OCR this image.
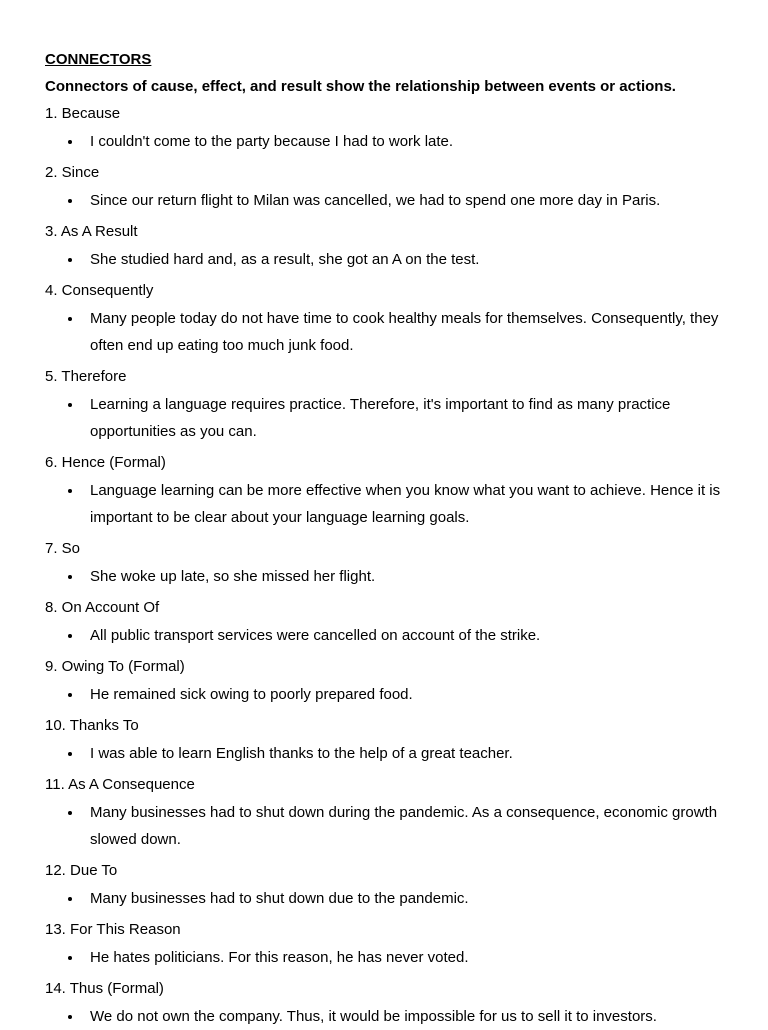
CONNECTORS
Connectors of cause, effect, and result show the relationship between events or actions.
1. Because
I couldn't come to the party because I had to work late.
2. Since
Since our return flight to Milan was cancelled, we had to spend one more day in Paris.
3. As A Result
She studied hard and, as a result, she got an A on the test.
4. Consequently
Many people today do not have time to cook healthy meals for themselves. Consequently, they often end up eating too much junk food.
5. Therefore
Learning a language requires practice. Therefore, it's important to find as many practice opportunities as you can.
6. Hence (Formal)
Language learning can be more effective when you know what you want to achieve. Hence it is important to be clear about your language learning goals.
7. So
She woke up late, so she missed her flight.
8. On Account Of
All public transport services were cancelled on account of the strike.
9. Owing To (Formal)
He remained sick owing to poorly prepared food.
10. Thanks To
I was able to learn English thanks to the help of a great teacher.
11. As A Consequence
Many businesses had to shut down during the pandemic. As a consequence, economic growth slowed down.
12. Due To
Many businesses had to shut down due to the pandemic.
13. For This Reason
He hates politicians. For this reason, he has never voted.
14. Thus (Formal)
We do not own the company. Thus, it would be impossible for us to sell it to investors.
